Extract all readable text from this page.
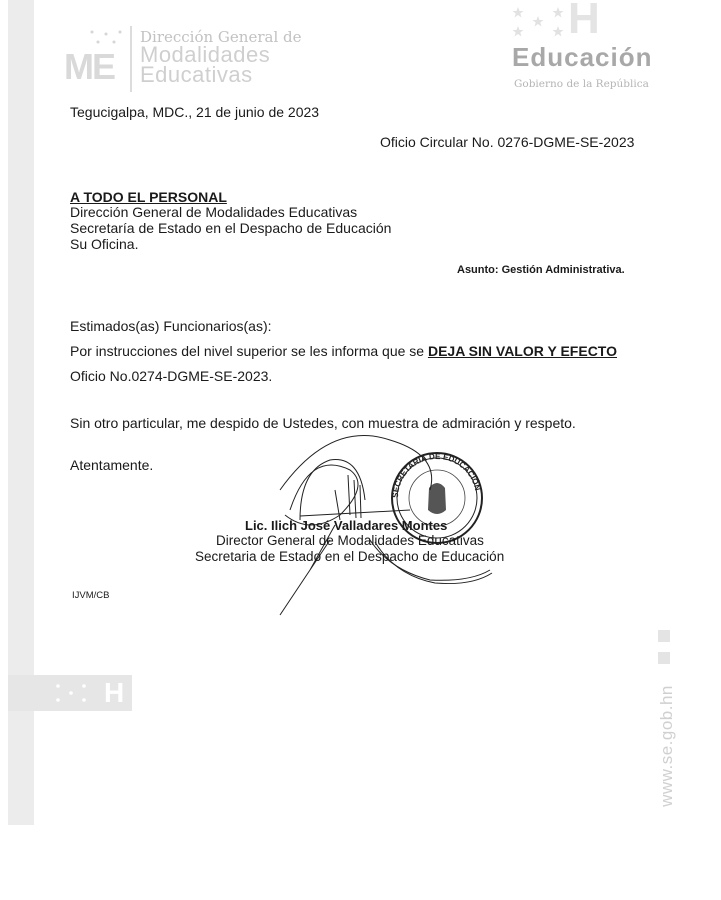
H
ME
Dirección General de
Modalidades
Educativas
H
Educación
Gobierno de la República
Tegucigalpa, MDC., 21 de junio de 2023
Oficio Circular No. 0276-DGME-SE-2023
A TODO EL PERSONAL
Dirección General de Modalidades Educativas
Secretaría de Estado en el Despacho de Educación
Su Oficina.
Asunto: Gestión Administrativa.
Estimados(as) Funcionarios(as):
Por instrucciones del nivel superior se les informa que se DEJA SIN VALOR Y EFECTO
Oficio No.0274-DGME-SE-2023.
Sin otro particular, me despido de Ustedes, con muestra de admiración y respeto.
Atentamente.
SECRETARIA DE EDUCACIÓN
Lic. Ilich José Valladares Montes
Director General de Modalidades Educativas
Secretaria de Estado en el Despacho de Educación
IJVM/CB
www.se.gob.hn
